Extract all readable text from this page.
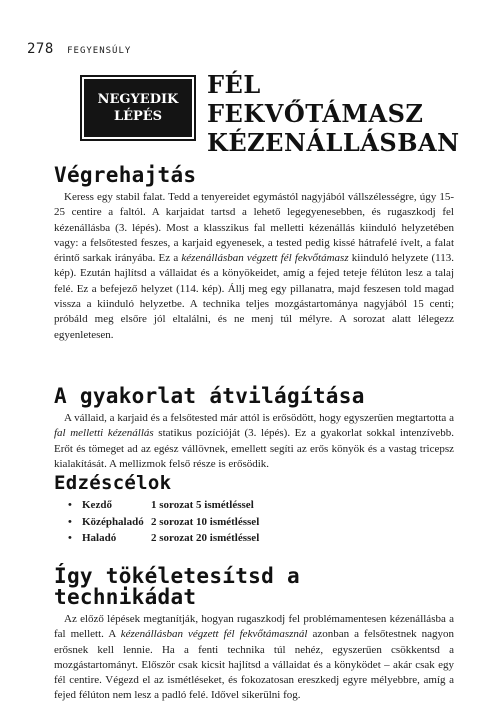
278 FEGYENSÚLY
NEGYEDIK
LÉPÉS
FÉL FEKVŐTÁMASZ
KÉZENÁLLÁSBAN
Végrehajtás

Keress egy stabil falat. Tedd a tenyereidet egymástól nagyjából vállszélességre, úgy 15-25 centire a faltól. A karjaidat tartsd a lehető legegyenesebben, és rugaszkodj fel kézenállásba (3. lépés). Most a klasszikus fal melletti kézenállás kiinduló helyzetében vagy: a felsőtested feszes, a karjaid egyenesek, a tested pedig kissé hátrafelé ívelt, a falat érintő sarkak irányába. Ez a kézenállásban végzett fél fekvőtámasz kiinduló helyzete (113. kép). Ezután hajlítsd a vállaidat és a könyökeidet, amíg a fejed teteje félúton lesz a talaj felé. Ez a befejező helyzet (114. kép). Állj meg egy pillanatra, majd feszesen told magad vissza a kiinduló helyzetbe. A technika teljes mozgástartománya nagyjából 15 centi; próbáld meg elsőre jól eltalálni, és ne menj túl mélyre. A sorozat alatt lélegezz egyenletesen.

A gyakorlat átvilágítása

A vállaid, a karjaid és a felsőtested már attól is erősödött, hogy egyszerűen megtartotta a fal melletti kézenállás statikus pozícióját (3. lépés). Ez a gyakorlat sokkal intenzívebb. Erőt és tömeget ad az egész vállövnek, emellett segíti az erős könyök és a vastag tricepsz kialakítását. A mellizmok felső része is erősödik.

Edzéscélok
• Kezdő	1 sorozat 5 ismétléssel
• Középhaladó 2 sorozat 10 ismétléssel
• Haladó	2 sorozat 20 ismétléssel
Így tökéletesítsd a technikádat

Az előző lépések megtanítják, hogyan rugaszkodj fel problémamentesen kézenállásba a fal mellett. A kézenállásban végzett fél fekvőtámasznál azonban a felsőtestnek nagyon erősnek kell lennie. Ha a fenti technika túl nehéz, egyszerűen csökkentsd a mozgástartományt. Először csak kicsit hajlítsd a vállaidat és a könyködet – akár csak egy fél centire. Végezd el az ismétléseket, és fokozatosan ereszkedj egyre mélyebbre, amíg a fejed félúton nem lesz a padló felé. Idővel sikerülni fog.
